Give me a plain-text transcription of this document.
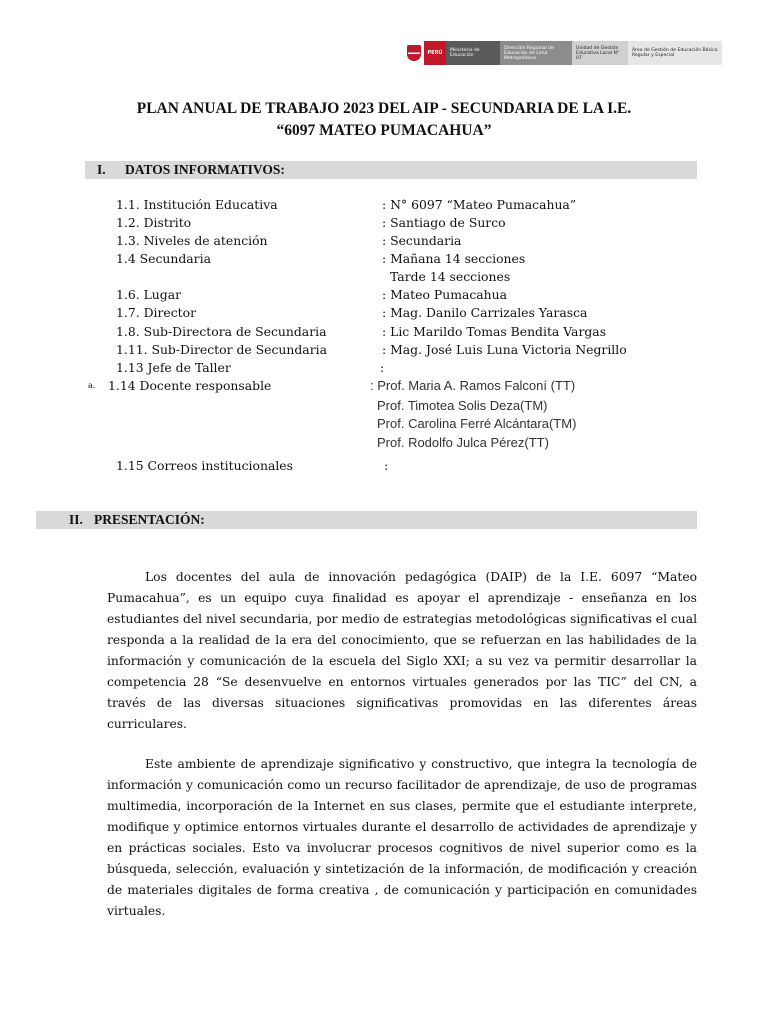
PERÚ	Ministerio de Educación
Dirección Regional de Educación de Lima Metropolitana
Unidad de Gestión Educativa Local N° 07
Área de Gestión de Educación Básica Regular y Especial
PLAN ANUAL DE TRABAJO 2023 DEL AIP - SECUNDARIA DE LA I.E.
“6097 MATEO PUMACAHUA”
I.	DATOS INFORMATIVOS:
1.1. Institución Educativa	: N° 6097 “Mateo Pumacahua”
1.2. Distrito	: Santiago de Surco
1.3. Niveles de atención	: Secundaria
1.4 Secundaria	: Mañana 14 secciones
Tarde 14 secciones
1.6. Lugar	: Mateo Pumacahua
1.7. Director	: Mag. Danilo Carrizales Yarasca
1.8. Sub-Directora de Secundaria	: Lic Marildo Tomas Bendita Vargas
1.11. Sub-Director de Secundaria	: Mag. José Luis Luna Victoria Negrillo
1.13 Jefe de Taller	:
a. 1.14 Docente responsable	: Prof. Maria A. Ramos Falconí (TT)
Prof. Timotea Solis Deza(TM)
Prof. Carolina Ferré Alcántara(TM)
Prof. Rodolfo Julca Pérez(TT)
1.15 Correos institucionales	:
II. PRESENTACIÓN:

Los docentes del aula de innovación pedagógica (DAIP) de la I.E. 6097 “Mateo Pumacahua”, es un equipo cuya finalidad es apoyar el aprendizaje - enseñanza en los estudiantes del nivel secundaria, por medio de estrategias metodológicas significativas el cual responda a la realidad de la era del conocimiento, que se refuerzan en las habilidades de la información y comunicación de la escuela del Siglo XXI; a su vez va permitir desarrollar la competencia 28 “Se desenvuelve en entornos virtuales generados por las TIC” del CN, a través de las diversas situaciones significativas promovidas en las diferentes áreas curriculares.

Este ambiente de aprendizaje significativo y constructivo, que integra la tecnología de información y comunicación como un recurso facilitador de aprendizaje, de uso de programas multimedia, incorporación de la Internet en sus clases, permite que el estudiante interprete, modifique y optimice entornos virtuales durante el desarrollo de actividades de aprendizaje y en prácticas sociales. Esto va involucrar procesos cognitivos de nivel superior como es la búsqueda, selección, evaluación y sintetización de la información, de modificación y creación de materiales digitales de forma creativa , de comunicación y participación en comunidades virtuales.
